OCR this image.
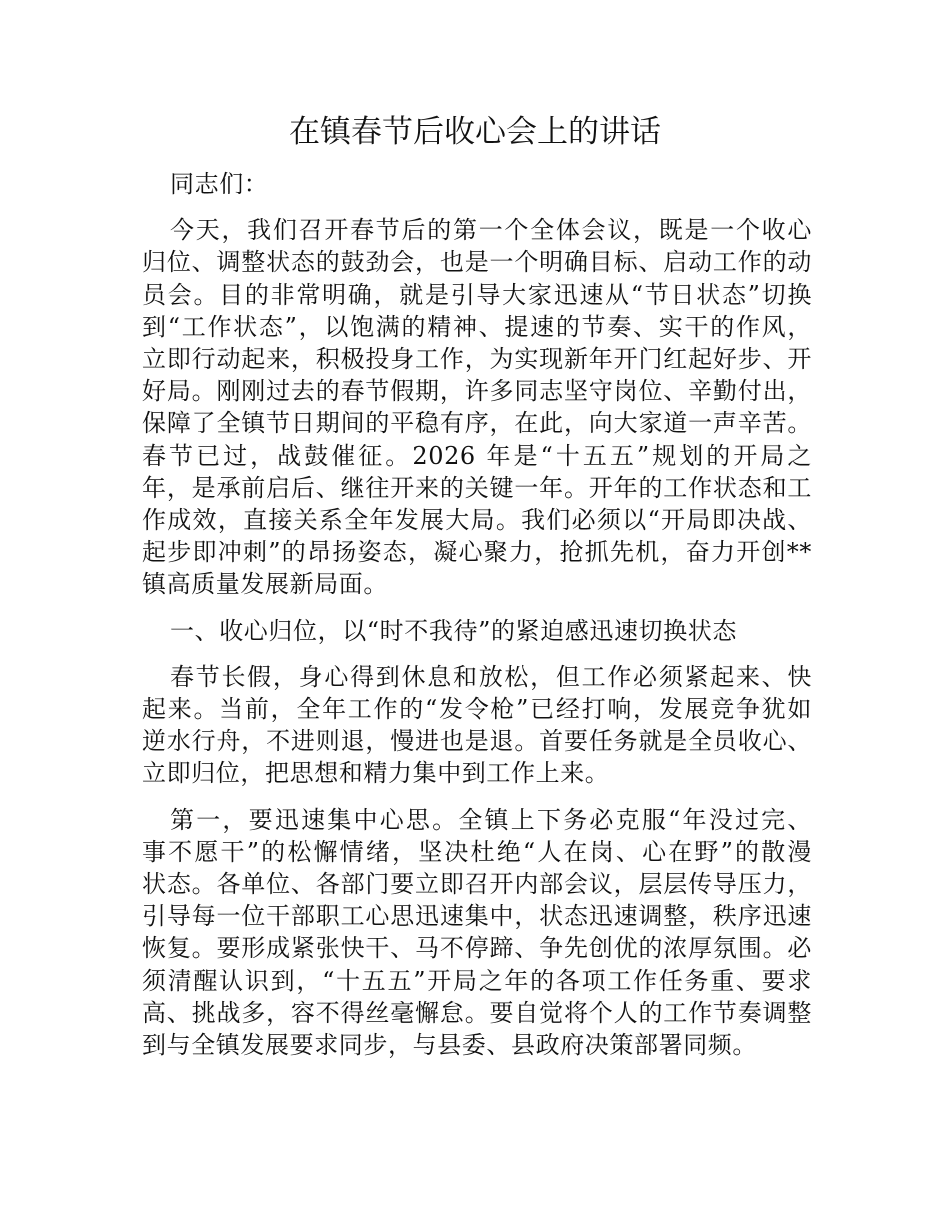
在镇春节后收心会上的讲话
同志们：
今天，我们召开春节后的第一个全体会议，既是一个收心
归位、调整状态的鼓劲会，也是一个明确目标、启动工作的动
员会。目的非常明确，就是引导大家迅速从“节日状态”切换
到“工作状态”，以饱满的精神、提速的节奏、实干的作风，
立即行动起来，积极投身工作，为实现新年开门红起好步、开
好局。刚刚过去的春节假期，许多同志坚守岗位、辛勤付出，
保障了全镇节日期间的平稳有序，在此，向大家道一声辛苦。
春节已过，战鼓催征。2026 年是“十五五”规划的开局之
年，是承前启后、继往开来的关键一年。开年的工作状态和工
作成效，直接关系全年发展大局。我们必须以“开局即决战、
起步即冲刺”的昂扬姿态，凝心聚力，抢抓先机，奋力开创**
镇高质量发展新局面。
一、收心归位，以“时不我待”的紧迫感迅速切换状态
春节长假，身心得到休息和放松，但工作必须紧起来、快
起来。当前，全年工作的“发令枪”已经打响，发展竞争犹如
逆水行舟，不进则退，慢进也是退。首要任务就是全员收心、
立即归位，把思想和精力集中到工作上来。
第一，要迅速集中心思。全镇上下务必克服“年没过完、
事不愿干”的松懈情绪，坚决杜绝“人在岗、心在野”的散漫
状态。各单位、各部门要立即召开内部会议，层层传导压力，
引导每一位干部职工心思迅速集中，状态迅速调整，秩序迅速
恢复。要形成紧张快干、马不停蹄、争先创优的浓厚氛围。必
须清醒认识到，“十五五”开局之年的各项工作任务重、要求
高、挑战多，容不得丝毫懈怠。要自觉将个人的工作节奏调整
到与全镇发展要求同步，与县委、县政府决策部署同频。
